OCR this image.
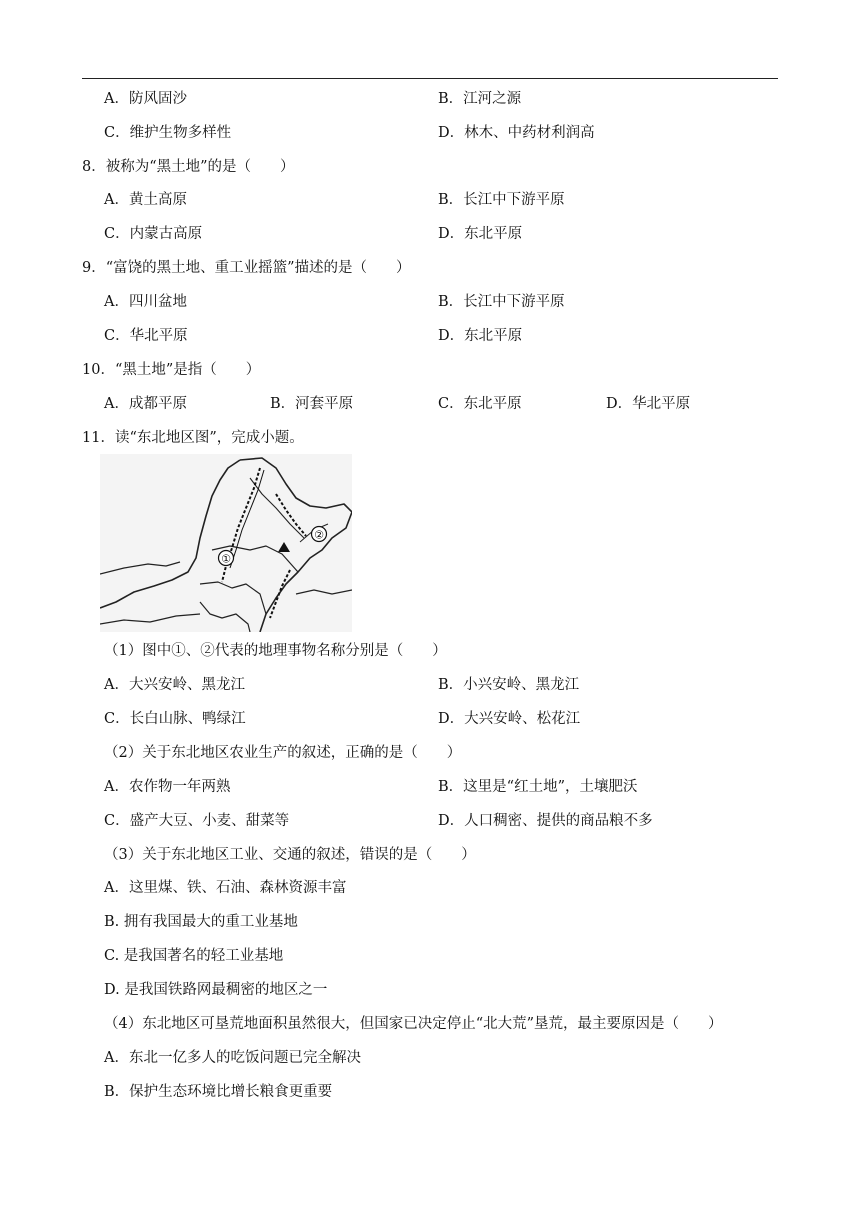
A．防风固沙	B．江河之源
C．维护生物多样性	D．林木、中药材利润高
8．被称为“黑土地”的是（　　）
A．黄土高原	B．长江中下游平原
C．内蒙古高原	D．东北平原
9．“富饶的黑土地、重工业摇篮”描述的是（　　）
A．四川盆地	B．长江中下游平原
C．华北平原	D．东北平原
10．“黑土地”是指（　　）
A．成都平原	B．河套平原	C．东北平原	D．华北平原
11．读“东北地区图”，完成小题。
①
②
（1）图中①、②代表的地理事物名称分别是（　　）
A．大兴安岭、黑龙江	B．小兴安岭、黑龙江
C．长白山脉、鸭绿江	D．大兴安岭、松花江
（2）关于东北地区农业生产的叙述，正确的是（　　）
A．农作物一年两熟	B．这里是“红土地”，土壤肥沃
C．盛产大豆、小麦、甜菜等	D．人口稠密、提供的商品粮不多
（3）关于东北地区工业、交通的叙述，错误的是（　　）
A．这里煤、铁、石油、森林资源丰富
B. 拥有我国最大的重工业基地
C. 是我国著名的轻工业基地
D. 是我国铁路网最稠密的地区之一
（4）东北地区可垦荒地面积虽然很大，但国家已决定停止“北大荒”垦荒，最主要原因是（　　）
A．东北一亿多人的吃饭问题已完全解决
B．保护生态环境比增长粮食更重要
